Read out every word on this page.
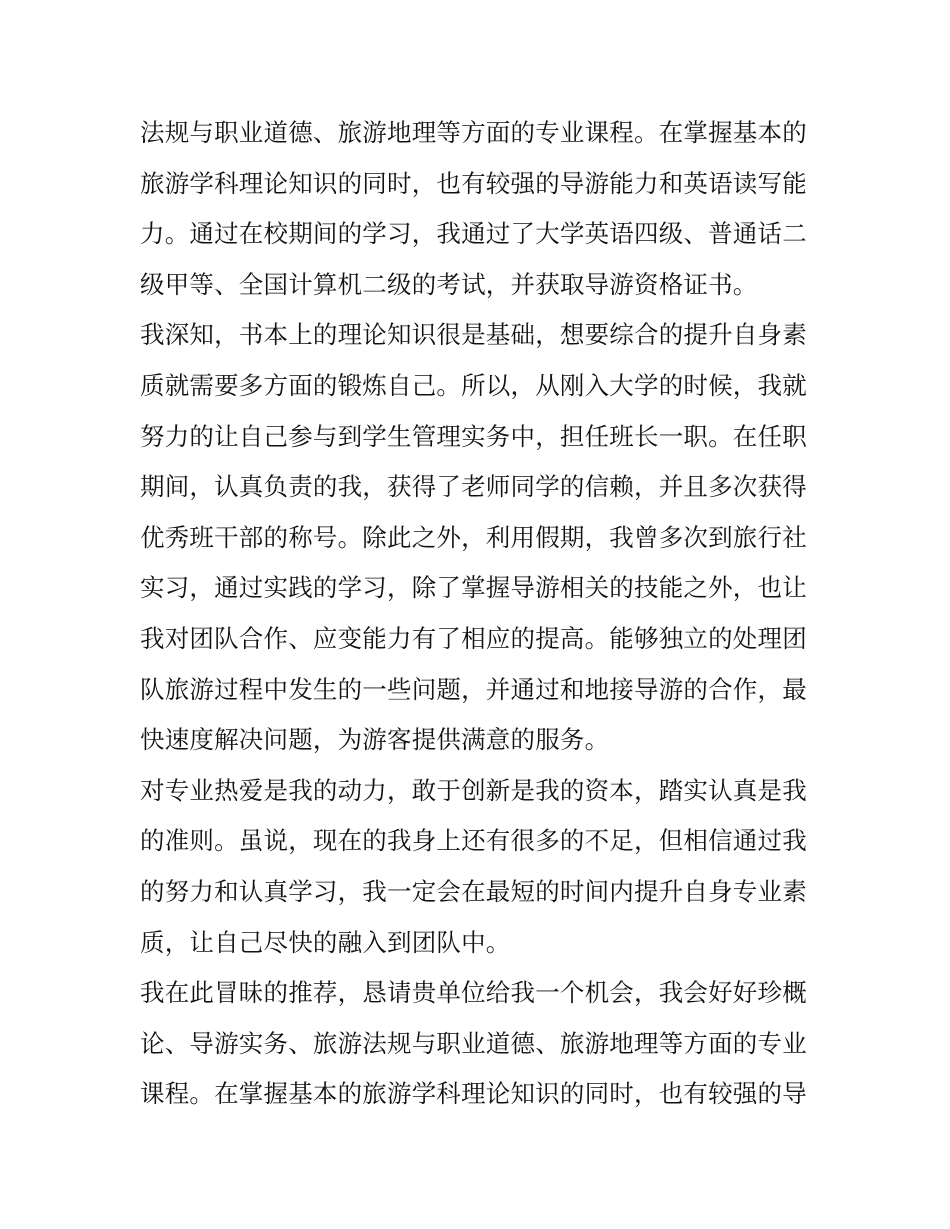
法规与职业道德、旅游地理等方面的专业课程。在掌握基本的
旅游学科理论知识的同时，也有较强的导游能力和英语读写能
力。通过在校期间的学习，我通过了大学英语四级、普通话二
级甲等、全国计算机二级的考试，并获取导游资格证书。
我深知，书本上的理论知识很是基础，想要综合的提升自身素
质就需要多方面的锻炼自己。所以，从刚入大学的时候，我就
努力的让自己参与到学生管理实务中，担任班长一职。在任职
期间，认真负责的我，获得了老师同学的信赖，并且多次获得
优秀班干部的称号。除此之外，利用假期，我曾多次到旅行社
实习，通过实践的学习，除了掌握导游相关的技能之外，也让
我对团队合作、应变能力有了相应的提高。能够独立的处理团
队旅游过程中发生的一些问题，并通过和地接导游的合作，最
快速度解决问题，为游客提供满意的服务。
对专业热爱是我的动力，敢于创新是我的资本，踏实认真是我
的准则。虽说，现在的我身上还有很多的不足，但相信通过我
的努力和认真学习，我一定会在最短的时间内提升自身专业素
质，让自己尽快的融入到团队中。
我在此冒昧的推荐，恳请贵单位给我一个机会，我会好好珍概
论、导游实务、旅游法规与职业道德、旅游地理等方面的专业
课程。在掌握基本的旅游学科理论知识的同时，也有较强的导
